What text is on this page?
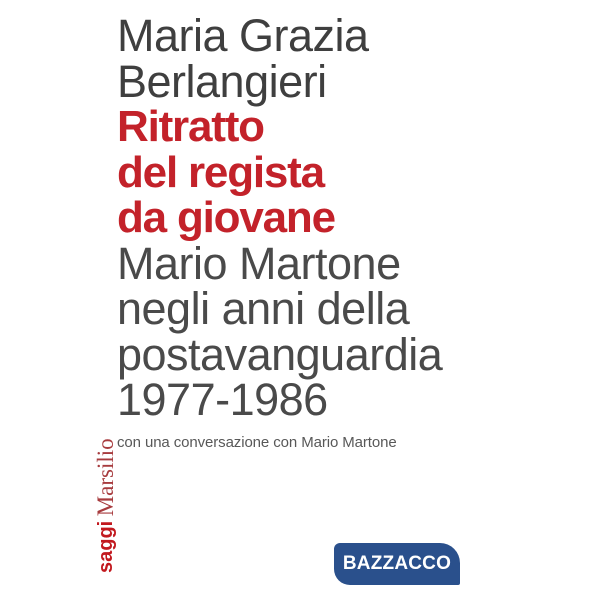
Maria Grazia
Berlangieri
Ritratto
del regista
da giovane
Mario Martone
negli anni della
postavanguardia
1977-1986
con una conversazione con Mario Martone
saggi Marsilio
BAZZACCO
